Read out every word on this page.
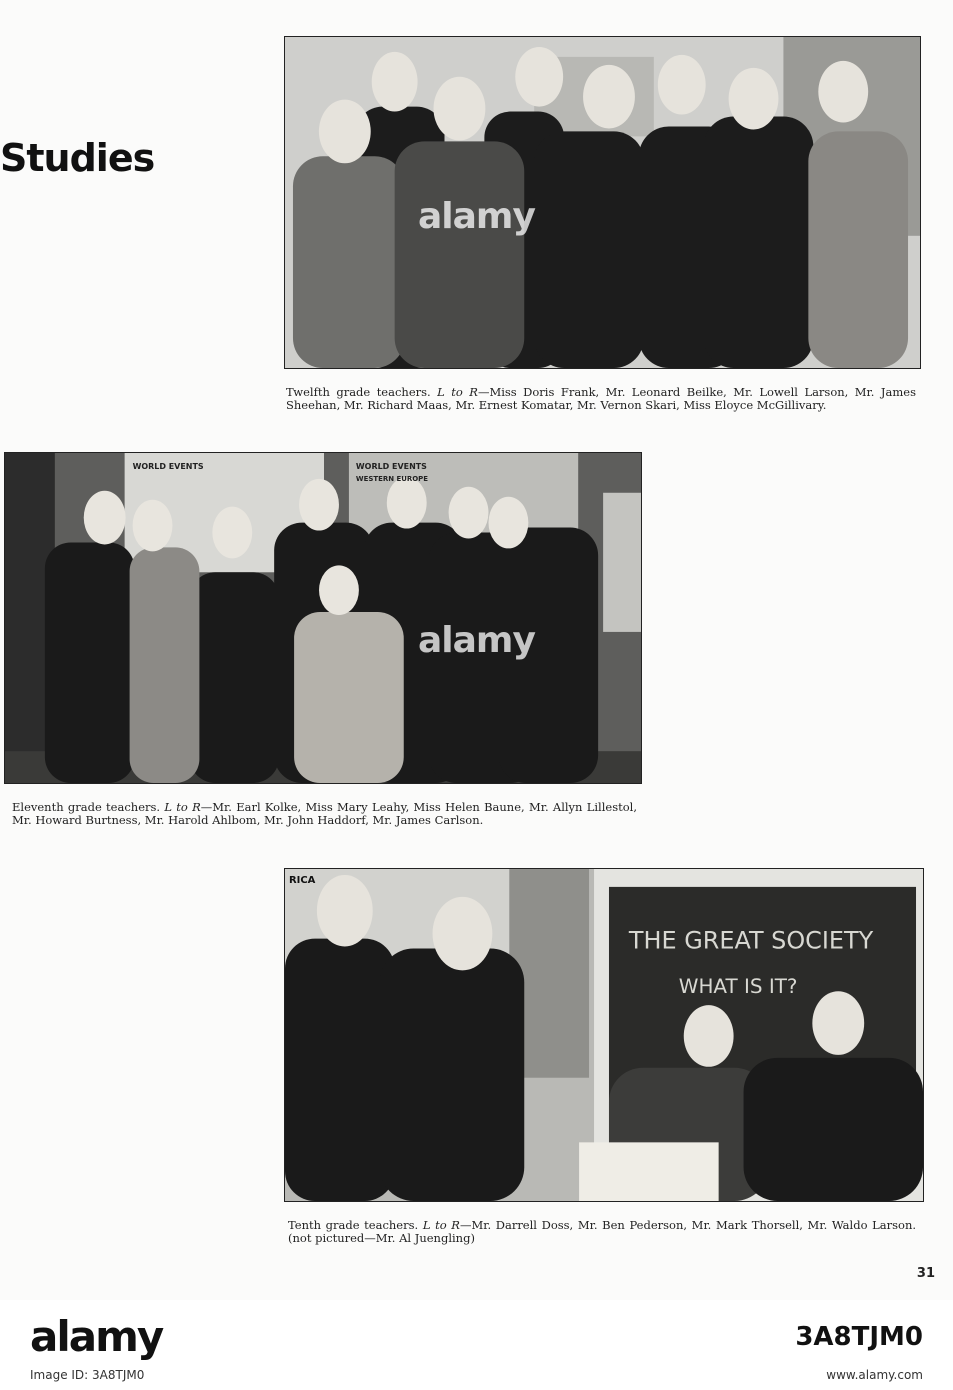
Studies

Twelfth grade teachers. L to R—Miss Doris Frank, Mr. Leonard Beilke, Mr. Lowell Larson, Mr. James Sheehan, Mr. Richard Maas, Mr. Ernest Komatar, Mr. Vernon Skari, Miss Eloyce McGillivary.

WORLD EVENTS	WORLD EVENTS
WESTERN EUROPE

Eleventh grade teachers. L to R—Mr. Earl Kolke, Miss Mary Leahy, Miss Helen Baune, Mr. Allyn Lillestol, Mr. Howard Burtness, Mr. Harold Ahlbom, Mr. John Haddorf, Mr. James Carlson.

THE GREAT SOCIETY
WHAT IS IT?
RICA

Tenth grade teachers. L to R—Mr. Darrell Doss, Mr. Ben Pederson, Mr. Mark Thorsell, Mr. Waldo Larson. (not pictured—Mr. Al Juengling)

alamy
alamy

31

alamy	3A8TJM0

Image ID: 3A8TJM0	www.alamy.com
